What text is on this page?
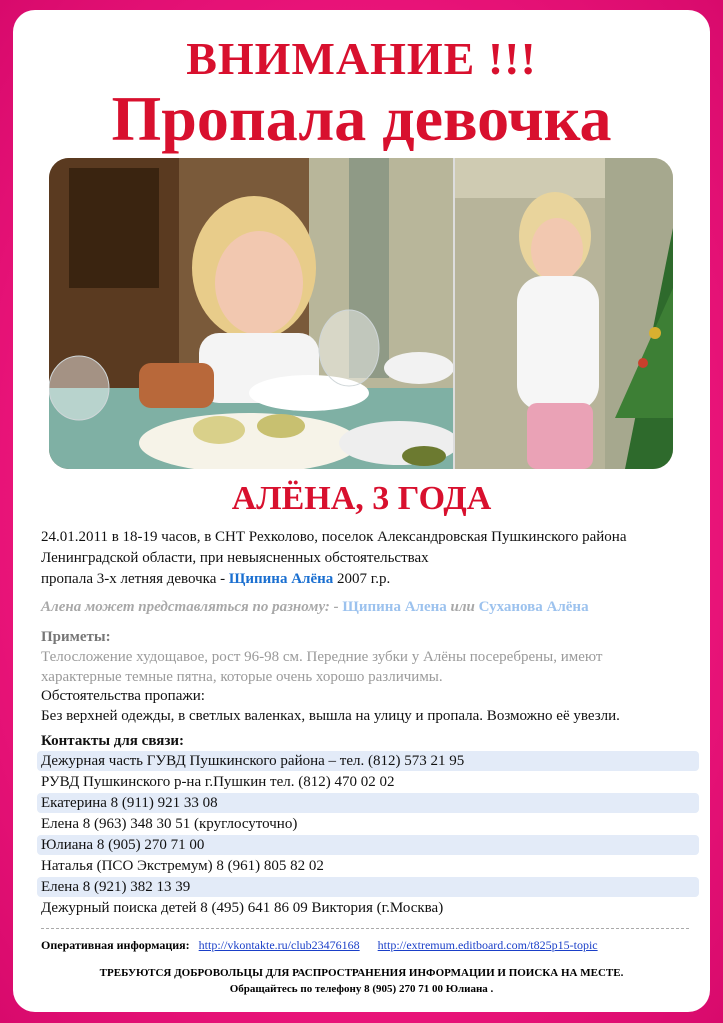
ВНИМАНИЕ !!!
Пропала девочка
АЛЁНА, 3 ГОДА
24.01.2011 в 18-19 часов, в СНТ Рехколово, поселок Александровская Пушкинского района
Ленинградской области, при невыясненных обстоятельствах
пропала 3-х летняя девочка - Щипина Алёна 2007 г.р.
Алена может представляться по разному: - Щипина Алена или Суханова Алёна
Приметы:
Телосложение худощавое, рост 96-98 см. Передние зубки у Алёны посеребрены, имеют
характерные темные пятна, которые очень хорошо различимы.
Обстоятельства пропажи:
Без верхней одежды, в светлых валенках, вышла на улицу и пропала. Возможно её увезли.
Контакты для связи:
Дежурная часть ГУВД Пушкинского района – тел. (812) 573 21 95
РУВД Пушкинского р-на г.Пушкин тел. (812) 470 02 02
Екатерина 8 (911) 921 33 08
Елена 8 (963) 348 30 51 (круглосуточно)
Юлиана 8 (905) 270 71 00
Наталья (ПСО Экстремум) 8 (961) 805 82 02
Елена 8 (921) 382 13 39
Дежурный поиска детей 8 (495) 641 86 09 Виктория (г.Москва)
Оперативная информация: http://vkontakte.ru/club23476168 http://extremum.editboard.com/t825p15-topic
ТРЕБУЮТСЯ ДОБРОВОЛЬЦЫ ДЛЯ РАСПРОСТРАНЕНИЯ ИНФОРМАЦИИ И ПОИСКА НА МЕСТЕ.
Обращайтесь по телефону 8 (905) 270 71 00 Юлиана .
